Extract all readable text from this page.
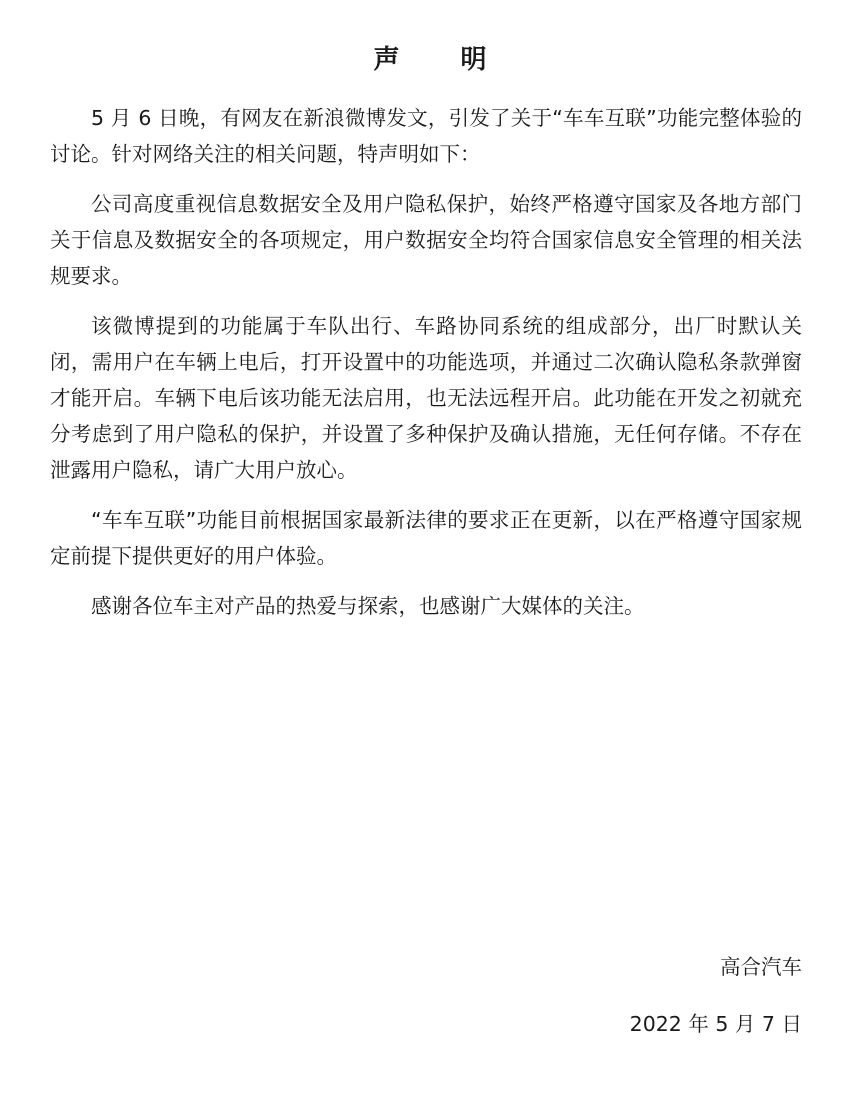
声 明

5 月 6 日晚，有网友在新浪微博发文，引发了关于“车车互联”功能完整体验的讨论。针对网络关注的相关问题，特声明如下：

公司高度重视信息数据安全及用户隐私保护，始终严格遵守国家及各地方部门关于信息及数据安全的各项规定，用户数据安全均符合国家信息安全管理的相关法规要求。

该微博提到的功能属于车队出行、车路协同系统的组成部分，出厂时默认关闭，需用户在车辆上电后，打开设置中的功能选项，并通过二次确认隐私条款弹窗才能开启。车辆下电后该功能无法启用，也无法远程开启。此功能在开发之初就充分考虑到了用户隐私的保护，并设置了多种保护及确认措施，无任何存储。不存在泄露用户隐私，请广大用户放心。

“车车互联”功能目前根据国家最新法律的要求正在更新，以在严格遵守国家规定前提下提供更好的用户体验。

感谢各位车主对产品的热爱与探索，也感谢广大媒体的关注。

高合汽车

2022 年 5 月 7 日
